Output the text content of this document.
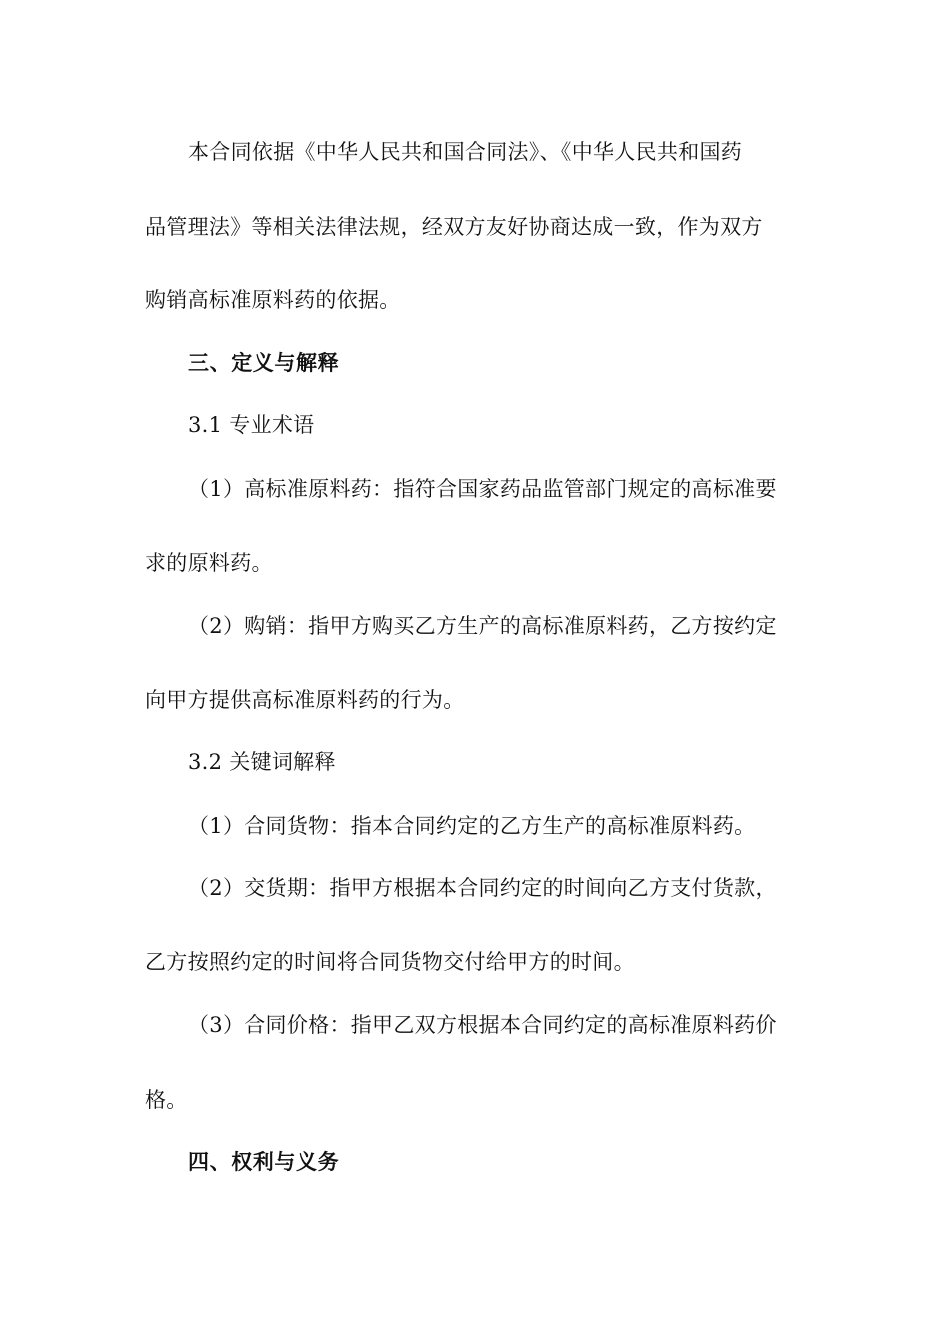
本合同依据《中华人民共和国合同法》、《中华人民共和国药
品管理法》等相关法律法规，经双方友好协商达成一致，作为双方
购销高标准原料药的依据。
三、定义与解释
3.1 专业术语
（1）高标准原料药：指符合国家药品监管部门规定的高标准要
求的原料药。
（2）购销：指甲方购买乙方生产的高标准原料药，乙方按约定
向甲方提供高标准原料药的行为。
3.2 关键词解释
（1）合同货物：指本合同约定的乙方生产的高标准原料药。
（2）交货期：指甲方根据本合同约定的时间向乙方支付货款，
乙方按照约定的时间将合同货物交付给甲方的时间。
（3）合同价格：指甲乙双方根据本合同约定的高标准原料药价
格。
四、权利与义务
